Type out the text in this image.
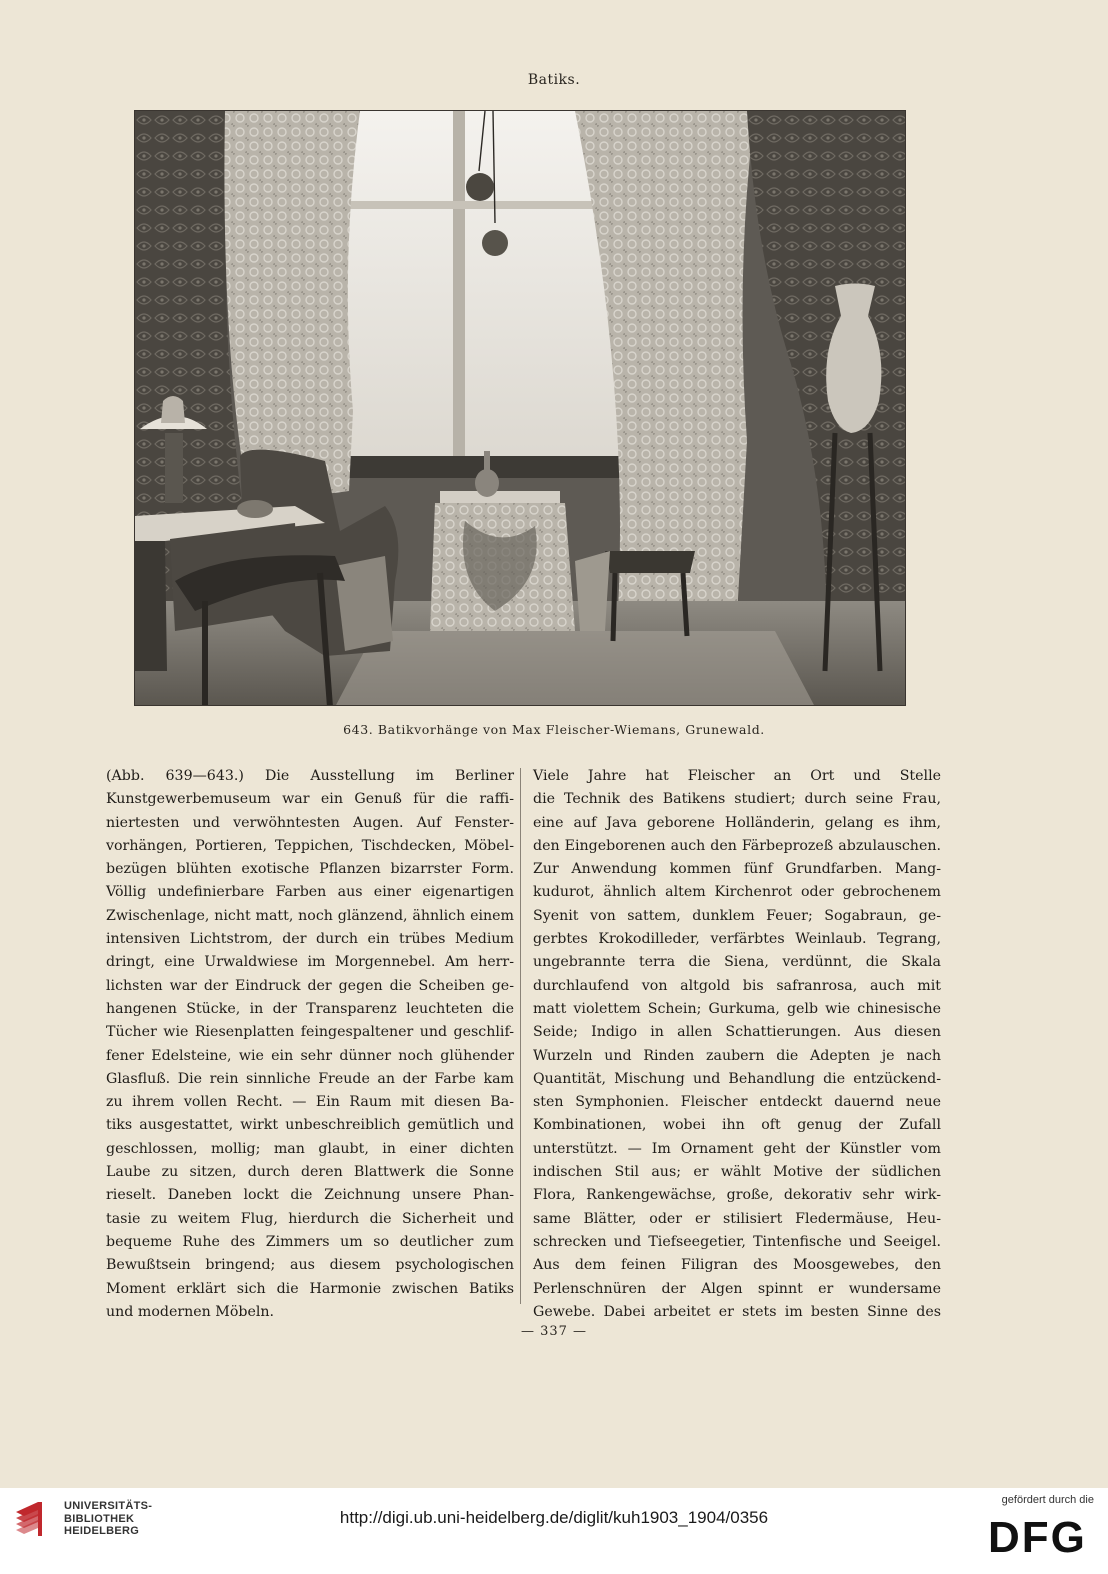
Batiks.
643. Batikvorhänge von Max Fleischer-Wiemans, Grunewald.
(Abb. 639—643.) Die Ausstellung im Berliner
Kunstgewerbemuseum war ein Genuß für die raffi-
niertesten und verwöhntesten Augen. Auf Fenster-
vorhängen, Portieren, Teppichen, Tischdecken, Möbel-
bezügen blühten exotische Pflanzen bizarrster Form.
Völlig undefinierbare Farben aus einer eigenartigen
Zwischenlage, nicht matt, noch glänzend, ähnlich einem
intensiven Lichtstrom, der durch ein trübes Medium
dringt, eine Urwaldwiese im Morgennebel. Am herr-
lichsten war der Eindruck der gegen die Scheiben ge-
hangenen Stücke, in der Transparenz leuchteten die
Tücher wie Riesenplatten feingespaltener und geschlif-
fener Edelsteine, wie ein sehr dünner noch glühender
Glasfluß. Die rein sinnliche Freude an der Farbe kam
zu ihrem vollen Recht. — Ein Raum mit diesen Ba-
tiks ausgestattet, wirkt unbeschreiblich gemütlich und
geschlossen, mollig; man glaubt, in einer dichten
Laube zu sitzen, durch deren Blattwerk die Sonne
rieselt. Daneben lockt die Zeichnung unsere Phan-
tasie zu weitem Flug, hierdurch die Sicherheit und
bequeme Ruhe des Zimmers um so deutlicher zum
Bewußtsein bringend; aus diesem psychologischen
Moment erklärt sich die Harmonie zwischen Batiks
und modernen Möbeln.
Viele Jahre hat Fleischer an Ort und Stelle
die Technik des Batikens studiert; durch seine Frau,
eine auf Java geborene Holländerin, gelang es ihm,
den Eingeborenen auch den Färbeprozeß abzulauschen.
Zur Anwendung kommen fünf Grundfarben. Mang-
kudurot, ähnlich altem Kirchenrot oder gebrochenem
Syenit von sattem, dunklem Feuer; Sogabraun, ge-
gerbtes Krokodilleder, verfärbtes Weinlaub. Tegrang,
ungebrannte terra die Siena, verdünnt, die Skala
durchlaufend von altgold bis safranrosa, auch mit
matt violettem Schein; Gurkuma, gelb wie chinesische
Seide; Indigo in allen Schattierungen. Aus diesen
Wurzeln und Rinden zaubern die Adepten je nach
Quantität, Mischung und Behandlung die entzückend-
sten Symphonien. Fleischer entdeckt dauernd neue
Kombinationen, wobei ihn oft genug der Zufall
unterstützt. — Im Ornament geht der Künstler vom
indischen Stil aus; er wählt Motive der südlichen
Flora, Rankengewächse, große, dekorativ sehr wirk-
same Blätter, oder er stilisiert Fledermäuse, Heu-
schrecken und Tiefseegetier, Tintenfische und Seeigel.
Aus dem feinen Filigran des Moosgewebes, den
Perlenschnüren der Algen spinnt er wundersame
Gewebe. Dabei arbeitet er stets im besten Sinne des
— 337 —
UNIVERSITÄTS-
BIBLIOTHEK
HEIDELBERG
http://digi.ub.uni-heidelberg.de/diglit/kuh1903_1904/0356
gefördert durch die
DFG
